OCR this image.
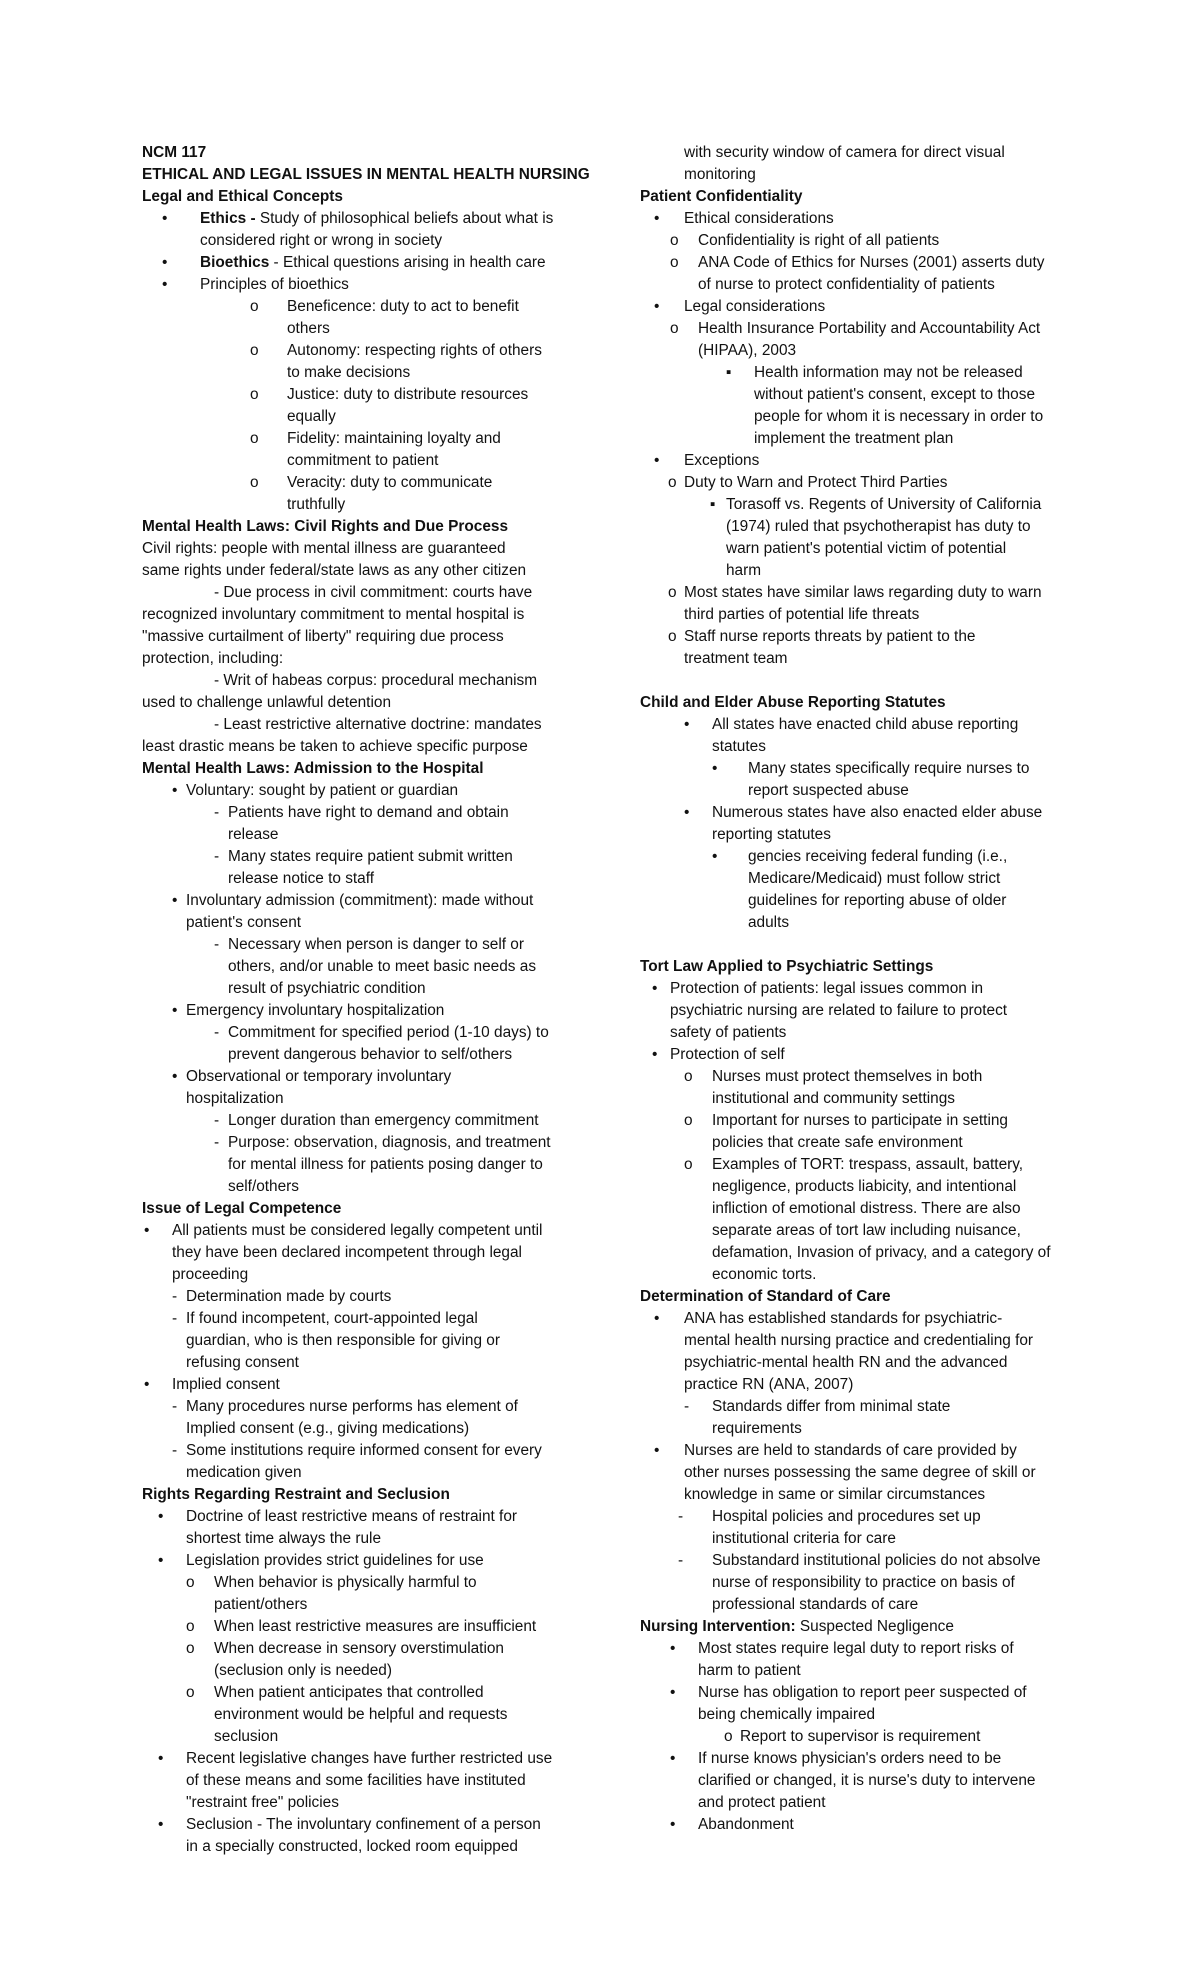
NCM 117
ETHICAL AND LEGAL ISSUES IN MENTAL HEALTH NURSING
Legal and Ethical Concepts
• Ethics - Study of philosophical beliefs about what is
considered right or wrong in society
• Bioethics - Ethical questions arising in health care
• Principles of bioethics
o Beneficence: duty to act to benefit
others
o Autonomy: respecting rights of others
to make decisions
o Justice: duty to distribute resources
equally
o Fidelity: maintaining loyalty and
commitment to patient
o Veracity: duty to communicate
truthfully
Mental Health Laws: Civil Rights and Due Process
Civil rights: people with mental illness are guaranteed
same rights under federal/state laws as any other citizen
- Due process in civil commitment: courts have
recognized involuntary commitment to mental hospital is
"massive curtailment of liberty" requiring due process
protection, including:
- Writ of habeas corpus: procedural mechanism
used to challenge unlawful detention
- Least restrictive alternative doctrine: mandates
least drastic means be taken to achieve specific purpose
Mental Health Laws: Admission to the Hospital
• Voluntary: sought by patient or guardian
- Patients have right to demand and obtain
release
- Many states require patient submit written
release notice to staff
• Involuntary admission (commitment): made without
patient's consent
- Necessary when person is danger to self or
others, and/or unable to meet basic needs as
result of psychiatric condition
• Emergency involuntary hospitalization
- Commitment for specified period (1-10 days) to
prevent dangerous behavior to self/others
• Observational or temporary involuntary
hospitalization
- Longer duration than emergency commitment
- Purpose: observation, diagnosis, and treatment
for mental illness for patients posing danger to
self/others
Issue of Legal Competence
• All patients must be considered legally competent until
they have been declared incompetent through legal
proceeding
- Determination made by courts
- If found incompetent, court-appointed legal
guardian, who is then responsible for giving or
refusing consent
• Implied consent
- Many procedures nurse performs has element of
Implied consent (e.g., giving medications)
- Some institutions require informed consent for every
medication given
Rights Regarding Restraint and Seclusion
• Doctrine of least restrictive means of restraint for
shortest time always the rule
• Legislation provides strict guidelines for use
o When behavior is physically harmful to
patient/others
o When least restrictive measures are insufficient
o When decrease in sensory overstimulation
(seclusion only is needed)
o When patient anticipates that controlled
environment would be helpful and requests
seclusion
• Recent legislative changes have further restricted use
of these means and some facilities have instituted
"restraint free" policies
• Seclusion - The involuntary confinement of a person
in a specially constructed, locked room equipped
with security window of camera for direct visual
monitoring
Patient Confidentiality
• Ethical considerations
o Confidentiality is right of all patients
o ANA Code of Ethics for Nurses (2001) asserts duty
of nurse to protect confidentiality of patients
• Legal considerations
o Health Insurance Portability and Accountability Act
(HIPAA), 2003
▪ Health information may not be released
without patient's consent, except to those
people for whom it is necessary in order to
implement the treatment plan
• Exceptions
o Duty to Warn and Protect Third Parties
▪ Torasoff vs. Regents of University of California
(1974) ruled that psychotherapist has duty to
warn patient's potential victim of potential
harm
o Most states have similar laws regarding duty to warn
third parties of potential life threats
o Staff nurse reports threats by patient to the
treatment team
Child and Elder Abuse Reporting Statutes
• All states have enacted child abuse reporting
statutes
• Many states specifically require nurses to
report suspected abuse
• Numerous states have also enacted elder abuse
reporting statutes
• gencies receiving federal funding (i.e.,
Medicare/Medicaid) must follow strict
guidelines for reporting abuse of older
adults
Tort Law Applied to Psychiatric Settings
• Protection of patients: legal issues common in
psychiatric nursing are related to failure to protect
safety of patients
• Protection of self
o Nurses must protect themselves in both
institutional and community settings
o Important for nurses to participate in setting
policies that create safe environment
o Examples of TORT: trespass, assault, battery,
negligence, products liabicity, and intentional
infliction of emotional distress. There are also
separate areas of tort law including nuisance,
defamation, Invasion of privacy, and a category of
economic torts.
Determination of Standard of Care
• ANA has established standards for psychiatric-
mental health nursing practice and credentialing for
psychiatric-mental health RN and the advanced
practice RN (ANA, 2007)
- Standards differ from minimal state
requirements
• Nurses are held to standards of care provided by
other nurses possessing the same degree of skill or
knowledge in same or similar circumstances
- Hospital policies and procedures set up
institutional criteria for care
- Substandard institutional policies do not absolve
nurse of responsibility to practice on basis of
professional standards of care
Nursing Intervention: Suspected Negligence
• Most states require legal duty to report risks of
harm to patient
• Nurse has obligation to report peer suspected of
being chemically impaired
o Report to supervisor is requirement
• If nurse knows physician's orders need to be
clarified or changed, it is nurse's duty to intervene
and protect patient
• Abandonment
